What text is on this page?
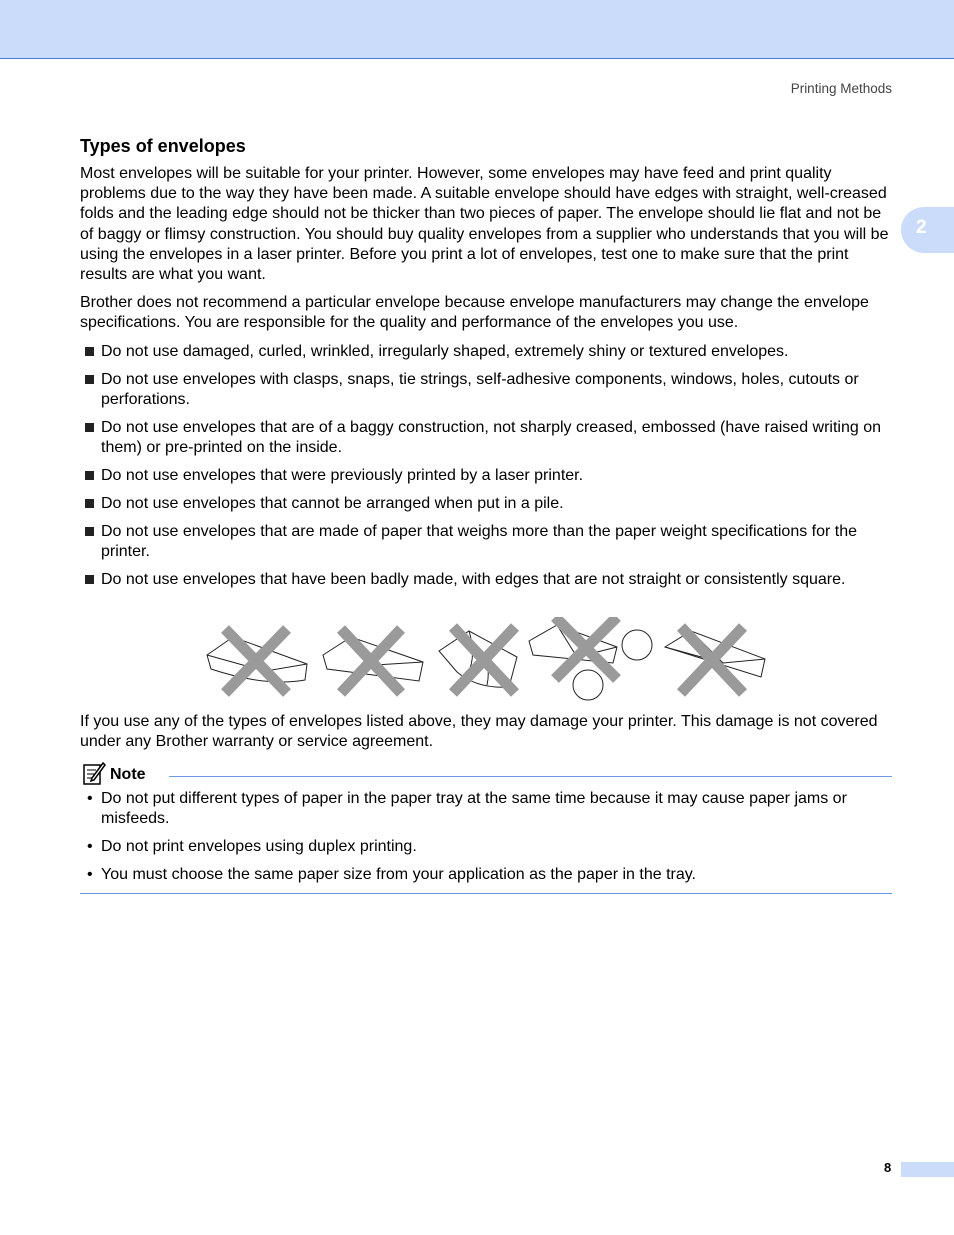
Printing Methods
2
Types of envelopes

Most envelopes will be suitable for your printer. However, some envelopes may have feed and print quality problems due to the way they have been made. A suitable envelope should have edges with straight, well-creased folds and the leading edge should not be thicker than two pieces of paper. The envelope should lie flat and not be of baggy or flimsy construction. You should buy quality envelopes from a supplier who understands that you will be using the envelopes in a laser printer. Before you print a lot of envelopes, test one to make sure that the print results are what you want.

Brother does not recommend a particular envelope because envelope manufacturers may change the envelope specifications. You are responsible for the quality and performance of the envelopes you use.

Do not use damaged, curled, wrinkled, irregularly shaped, extremely shiny or textured envelopes.
Do not use envelopes with clasps, snaps, tie strings, self-adhesive components, windows, holes, cutouts or perforations.
Do not use envelopes that are of a baggy construction, not sharply creased, embossed (have raised writing on them) or pre-printed on the inside.
Do not use envelopes that were previously printed by a laser printer.
Do not use envelopes that cannot be arranged when put in a pile.
Do not use envelopes that are made of paper that weighs more than the paper weight specifications for the printer.
Do not use envelopes that have been badly made, with edges that are not straight or consistently square.

If you use any of the types of envelopes listed above, they may damage your printer. This damage is not covered under any Brother warranty or service agreement.

Note
• Do not put different types of paper in the paper tray at the same time because it may cause paper jams or misfeeds.
• Do not print envelopes using duplex printing.
• You must choose the same paper size from your application as the paper in the tray.
8
